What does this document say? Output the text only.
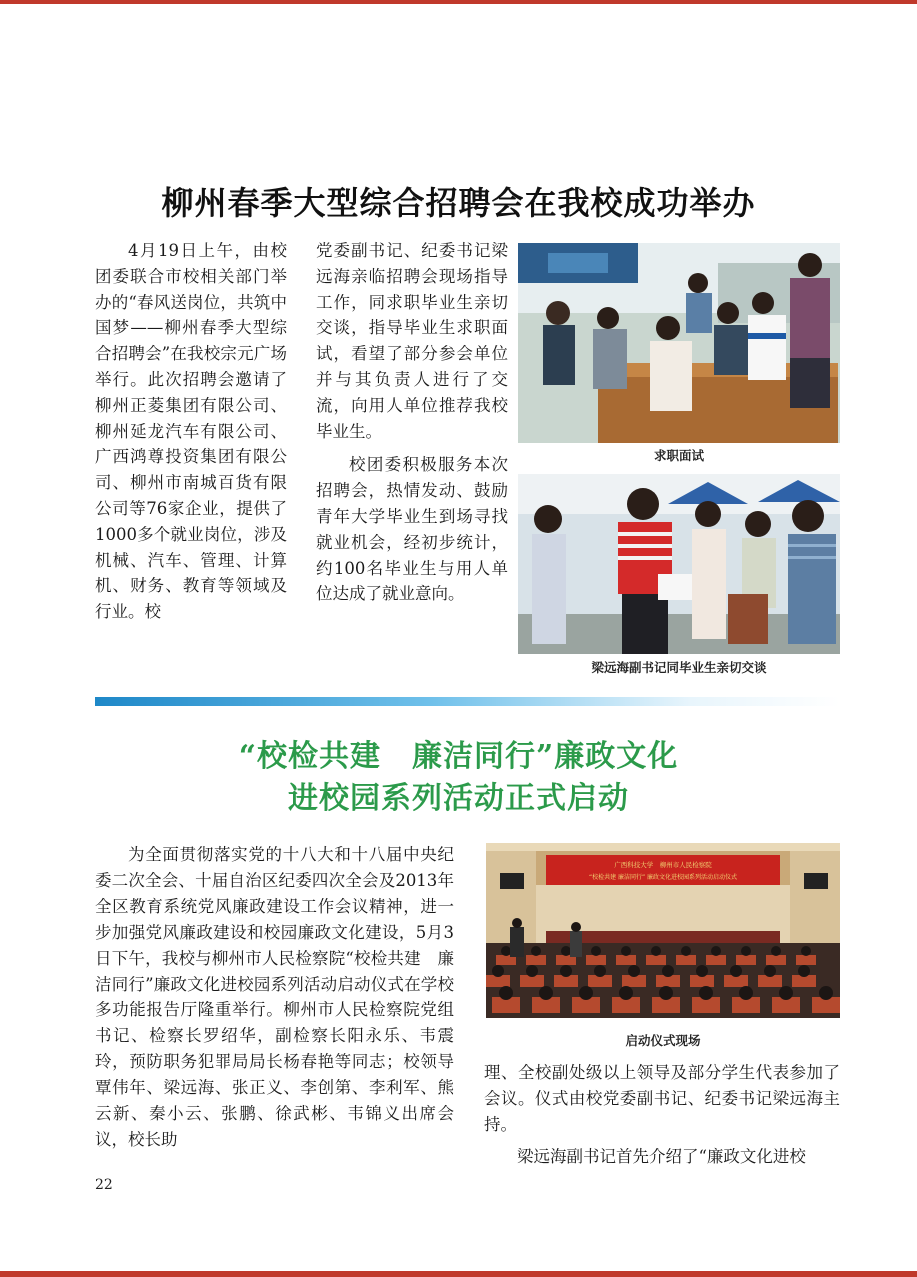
柳州春季大型综合招聘会在我校成功举办

4月19日上午，由校团委联合市校相关部门举办的“春风送岗位，共筑中国梦——柳州春季大型综合招聘会”在我校宗元广场举行。此次招聘会邀请了柳州正菱集团有限公司、柳州延龙汽车有限公司、广西鸿尊投资集团有限公司、柳州市南城百货有限公司等76家企业，提供了1000多个就业岗位，涉及机械、汽车、管理、计算机、财务、教育等领域及行业。校

党委副书记、纪委书记梁远海亲临招聘会现场指导工作，同求职毕业生亲切交谈，指导毕业生求职面试，看望了部分参会单位并与其负责人进行了交流，向用人单位推荐我校毕业生。

校团委积极服务本次招聘会，热情发动、鼓励青年大学毕业生到场寻找就业机会，经初步统计，约100名毕业生与用人单位达成了就业意向。

求职面试
梁远海副书记同毕业生亲切交谈
“校检共建　廉洁同行”廉政文化
进校园系列活动正式启动

为全面贯彻落实党的十八大和十八届中央纪委二次全会、十届自治区纪委四次全会及2013年全区教育系统党风廉政建设工作会议精神，进一步加强党风廉政建设和校园廉政文化建设，5月3日下午，我校与柳州市人民检察院“校检共建　廉洁同行”廉政文化进校园系列活动启动仪式在学校多功能报告厅隆重举行。柳州市人民检察院党组书记、检察长罗绍华，副检察长阳永乐、韦震玲，预防职务犯罪局局长杨春艳等同志；校领导覃伟年、梁远海、张正义、李创第、李利军、熊云新、秦小云、张鹏、徐武彬、韦锦义出席会议，校长助

广西科技大学　柳州市人民检察院
“校检共建 廉洁同行” 廉政文化进校园系列活动启动仪式
启动仪式现场

理、全校副处级以上领导及部分学生代表参加了会议。仪式由校党委副书记、纪委书记梁远海主持。

梁远海副书记首先介绍了“廉政文化进校

22
